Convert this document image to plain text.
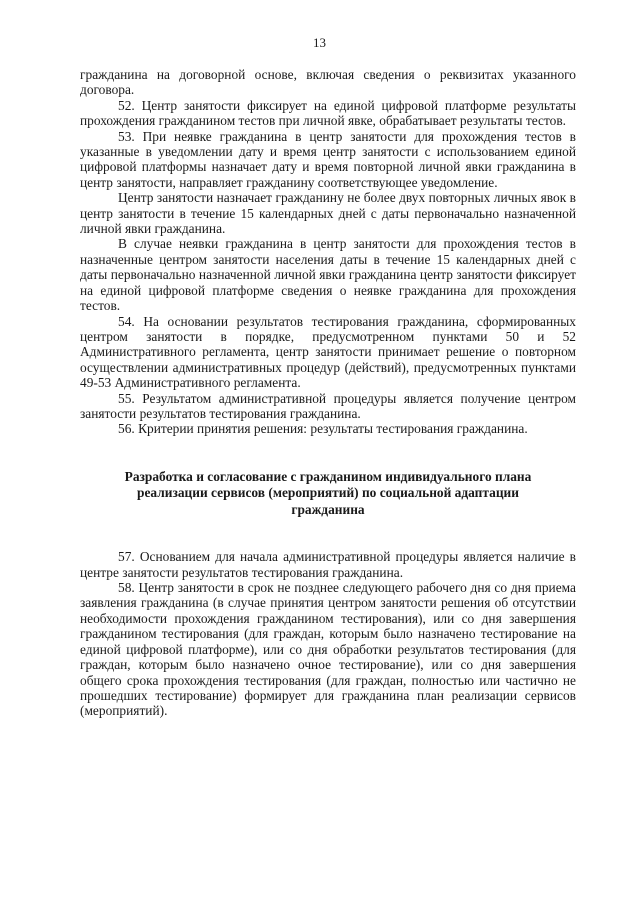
13

гражданина на договорной основе, включая сведения о реквизитах указанного договора.

52. Центр занятости фиксирует на единой цифровой платформе результаты прохождения гражданином тестов при личной явке, обрабатывает результаты тестов.

53. При неявке гражданина в центр занятости для прохождения тестов в указанные в уведомлении дату и время центр занятости с использованием единой цифровой платформы назначает дату и время повторной личной явки гражданина в центр занятости, направляет гражданину соответствующее уведомление.

Центр занятости назначает гражданину не более двух повторных личных явок в центр занятости в течение 15 календарных дней с даты первоначально назначенной личной явки гражданина.

В случае неявки гражданина в центр занятости для прохождения тестов в назначенные центром занятости населения даты в течение 15 календарных дней с даты первоначально назначенной личной явки гражданина центр занятости фиксирует на единой цифровой платформе сведения о неявке гражданина для прохождения тестов.

54. На основании результатов тестирования гражданина, сформированных центром занятости в порядке, предусмотренном пунктами 50 и 52 Административного регламента, центр занятости принимает решение о повторном осуществлении административных процедур (действий), предусмотренных пунктами 49-53 Административного регламента.

55. Результатом административной процедуры является получение центром занятости результатов тестирования гражданина.

56. Критерии принятия решения: результаты тестирования гражданина.

Разработка и согласование с гражданином индивидуального плана
реализации сервисов (мероприятий) по социальной адаптации
гражданина

57. Основанием для начала административной процедуры является наличие в центре занятости результатов тестирования гражданина.

58. Центр занятости в срок не позднее следующего рабочего дня со дня приема заявления гражданина (в случае принятия центром занятости решения об отсутствии необходимости прохождения гражданином тестирования), или со дня завершения гражданином тестирования (для граждан, которым было назначено тестирование на единой цифровой платформе), или со дня обработки результатов тестирования (для граждан, которым было назначено очное тестирование), или со дня завершения общего срока прохождения тестирования (для граждан, полностью или частично не прошедших тестирование) формирует для гражданина план реализации сервисов (мероприятий).
